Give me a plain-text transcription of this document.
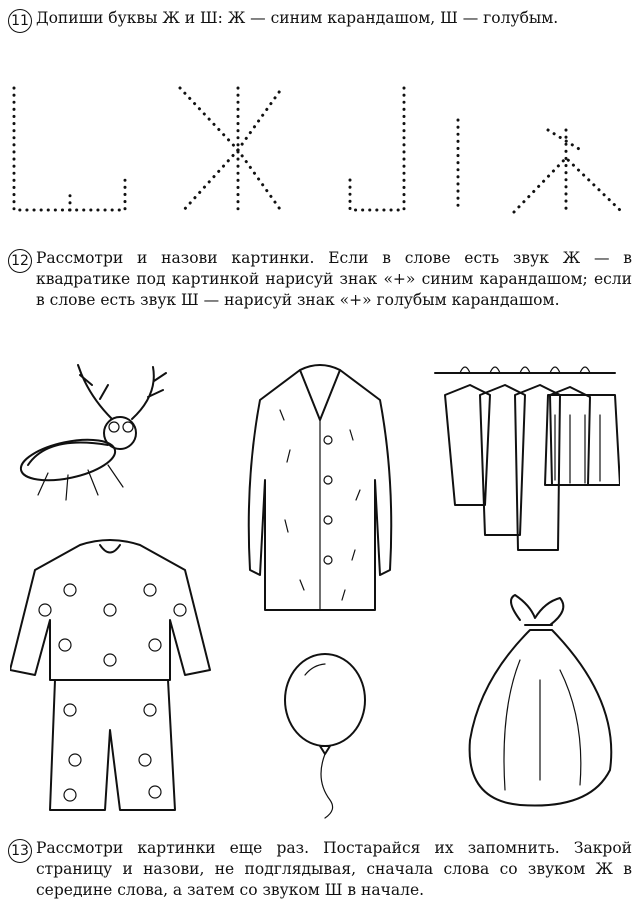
11 Допиши буквы Ж и Ш: Ж — синим карандашом, Ш — голубым.
12 Рассмотри и назови картинки. Если в слове есть звук Ж — в квадратике под картинкой нарисуй знак «+» синим карандашом; если в слове есть звук Ш — нарисуй знак «+» голубым карандашом.
13 Рассмотри картинки еще раз. Постарайся их запомнить. Закрой страницу и назови, не подглядывая, сначала слова со звуком Ж в середине слова, а затем со звуком Ш в начале.
